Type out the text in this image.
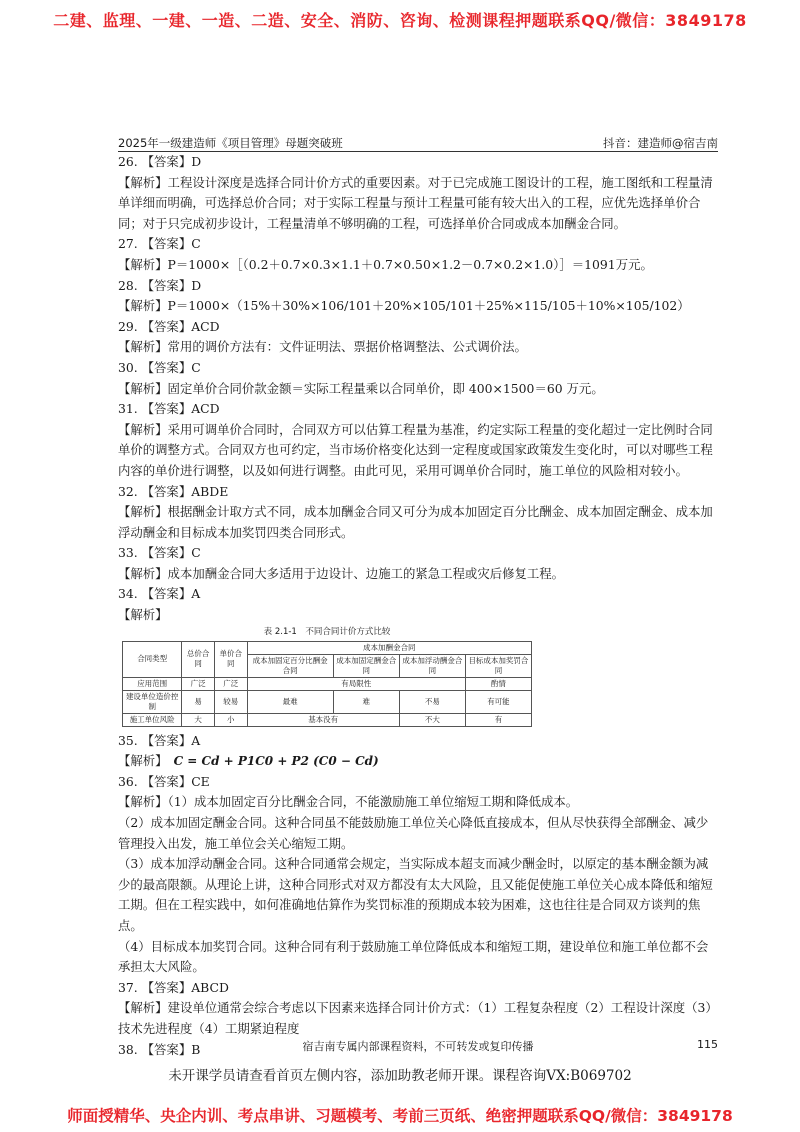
二建、监理、一建、一造、二造、安全、消防、咨询、检测课程押题联系QQ/微信：3849178
2025年一级建造师《项目管理》母题突破班	抖音：建造师@宿吉南

26. 【答案】D

【解析】工程设计深度是选择合同计价方式的重要因素。对于已完成施工图设计的工程，施工图纸和工程量清单详细而明确，可选择总价合同；对于实际工程量与预计工程量可能有较大出入的工程，应优先选择单价合同；对于只完成初步设计，工程量清单不够明确的工程，可选择单价合同或成本加酬金合同。

27. 【答案】C

【解析】P＝1000×［（0.2＋0.7×0.3×1.1＋0.7×0.50×1.2－0.7×0.2×1.0）］＝1091万元。

28. 【答案】D

【解析】P＝1000×（15%＋30%×106/101＋20%×105/101＋25%×115/105＋10%×105/102）

29. 【答案】ACD

【解析】常用的调价方法有：文件证明法、票据价格调整法、公式调价法。

30. 【答案】C

【解析】固定单价合同价款金额＝实际工程量乘以合同单价，即 400×1500＝60 万元。

31. 【答案】ACD

【解析】采用可调单价合同时，合同双方可以估算工程量为基准，约定实际工程量的变化超过一定比例时合同单价的调整方式。合同双方也可约定，当市场价格变化达到一定程度或国家政策发生变化时，可以对哪些工程内容的单价进行调整，以及如何进行调整。由此可见，采用可调单价合同时，施工单位的风险相对较小。

32. 【答案】ABDE

【解析】根据酬金计取方式不同，成本加酬金合同又可分为成本加固定百分比酬金、成本加固定酬金、成本加浮动酬金和目标成本加奖罚四类合同形式。

33. 【答案】C

【解析】成本加酬金合同大多适用于边设计、边施工的紧急工程或灾后修复工程。

34. 【答案】A

【解析】

表 2.1-1　不同合同计价方式比较
合同类型	总价合同	单价合同	成本加酬金合同			
			成本加固定百分比酬金合同	成本加固定酬金合同	成本加浮动酬金合同	目标成本加奖罚合同
应用范围	广泛	广泛	有局限性			酌情
建设单位造价控制	易	较易	最难	难	不易	有可能
施工单位风险	大	小	基本没有		不大	有

35. 【答案】A

【解析】 C = Cd + P1C0 + P2 (C0 − Cd)

36. 【答案】CE

【解析】（1）成本加固定百分比酬金合同，不能激励施工单位缩短工期和降低成本。

（2）成本加固定酬金合同。这种合同虽不能鼓励施工单位关心降低直接成本，但从尽快获得全部酬金、减少管理投入出发，施工单位会关心缩短工期。

（3）成本加浮动酬金合同。这种合同通常会规定，当实际成本超支而减少酬金时，以原定的基本酬金额为减少的最高限额。从理论上讲，这种合同形式对双方都没有太大风险，且又能促使施工单位关心成本降低和缩短工期。但在工程实践中，如何准确地估算作为奖罚标准的预期成本较为困难，这也往往是合同双方谈判的焦点。

（4）目标成本加奖罚合同。这种合同有利于鼓励施工单位降低成本和缩短工期，建设单位和施工单位都不会承担太大风险。

37. 【答案】ABCD

【解析】建设单位通常会综合考虑以下因素来选择合同计价方式：（1）工程复杂程度（2）工程设计深度（3）技术先进程度（4）工期紧迫程度

38. 【答案】B	宿吉南专属内部课程资料，不可转发或复印传播	115
未开课学员请查看首页左侧内容，添加助教老师开课。课程咨询VX:B069702
师面授精华、央企内训、考点串讲、习题模考、考前三页纸、绝密押题联系QQ/微信：3849178
